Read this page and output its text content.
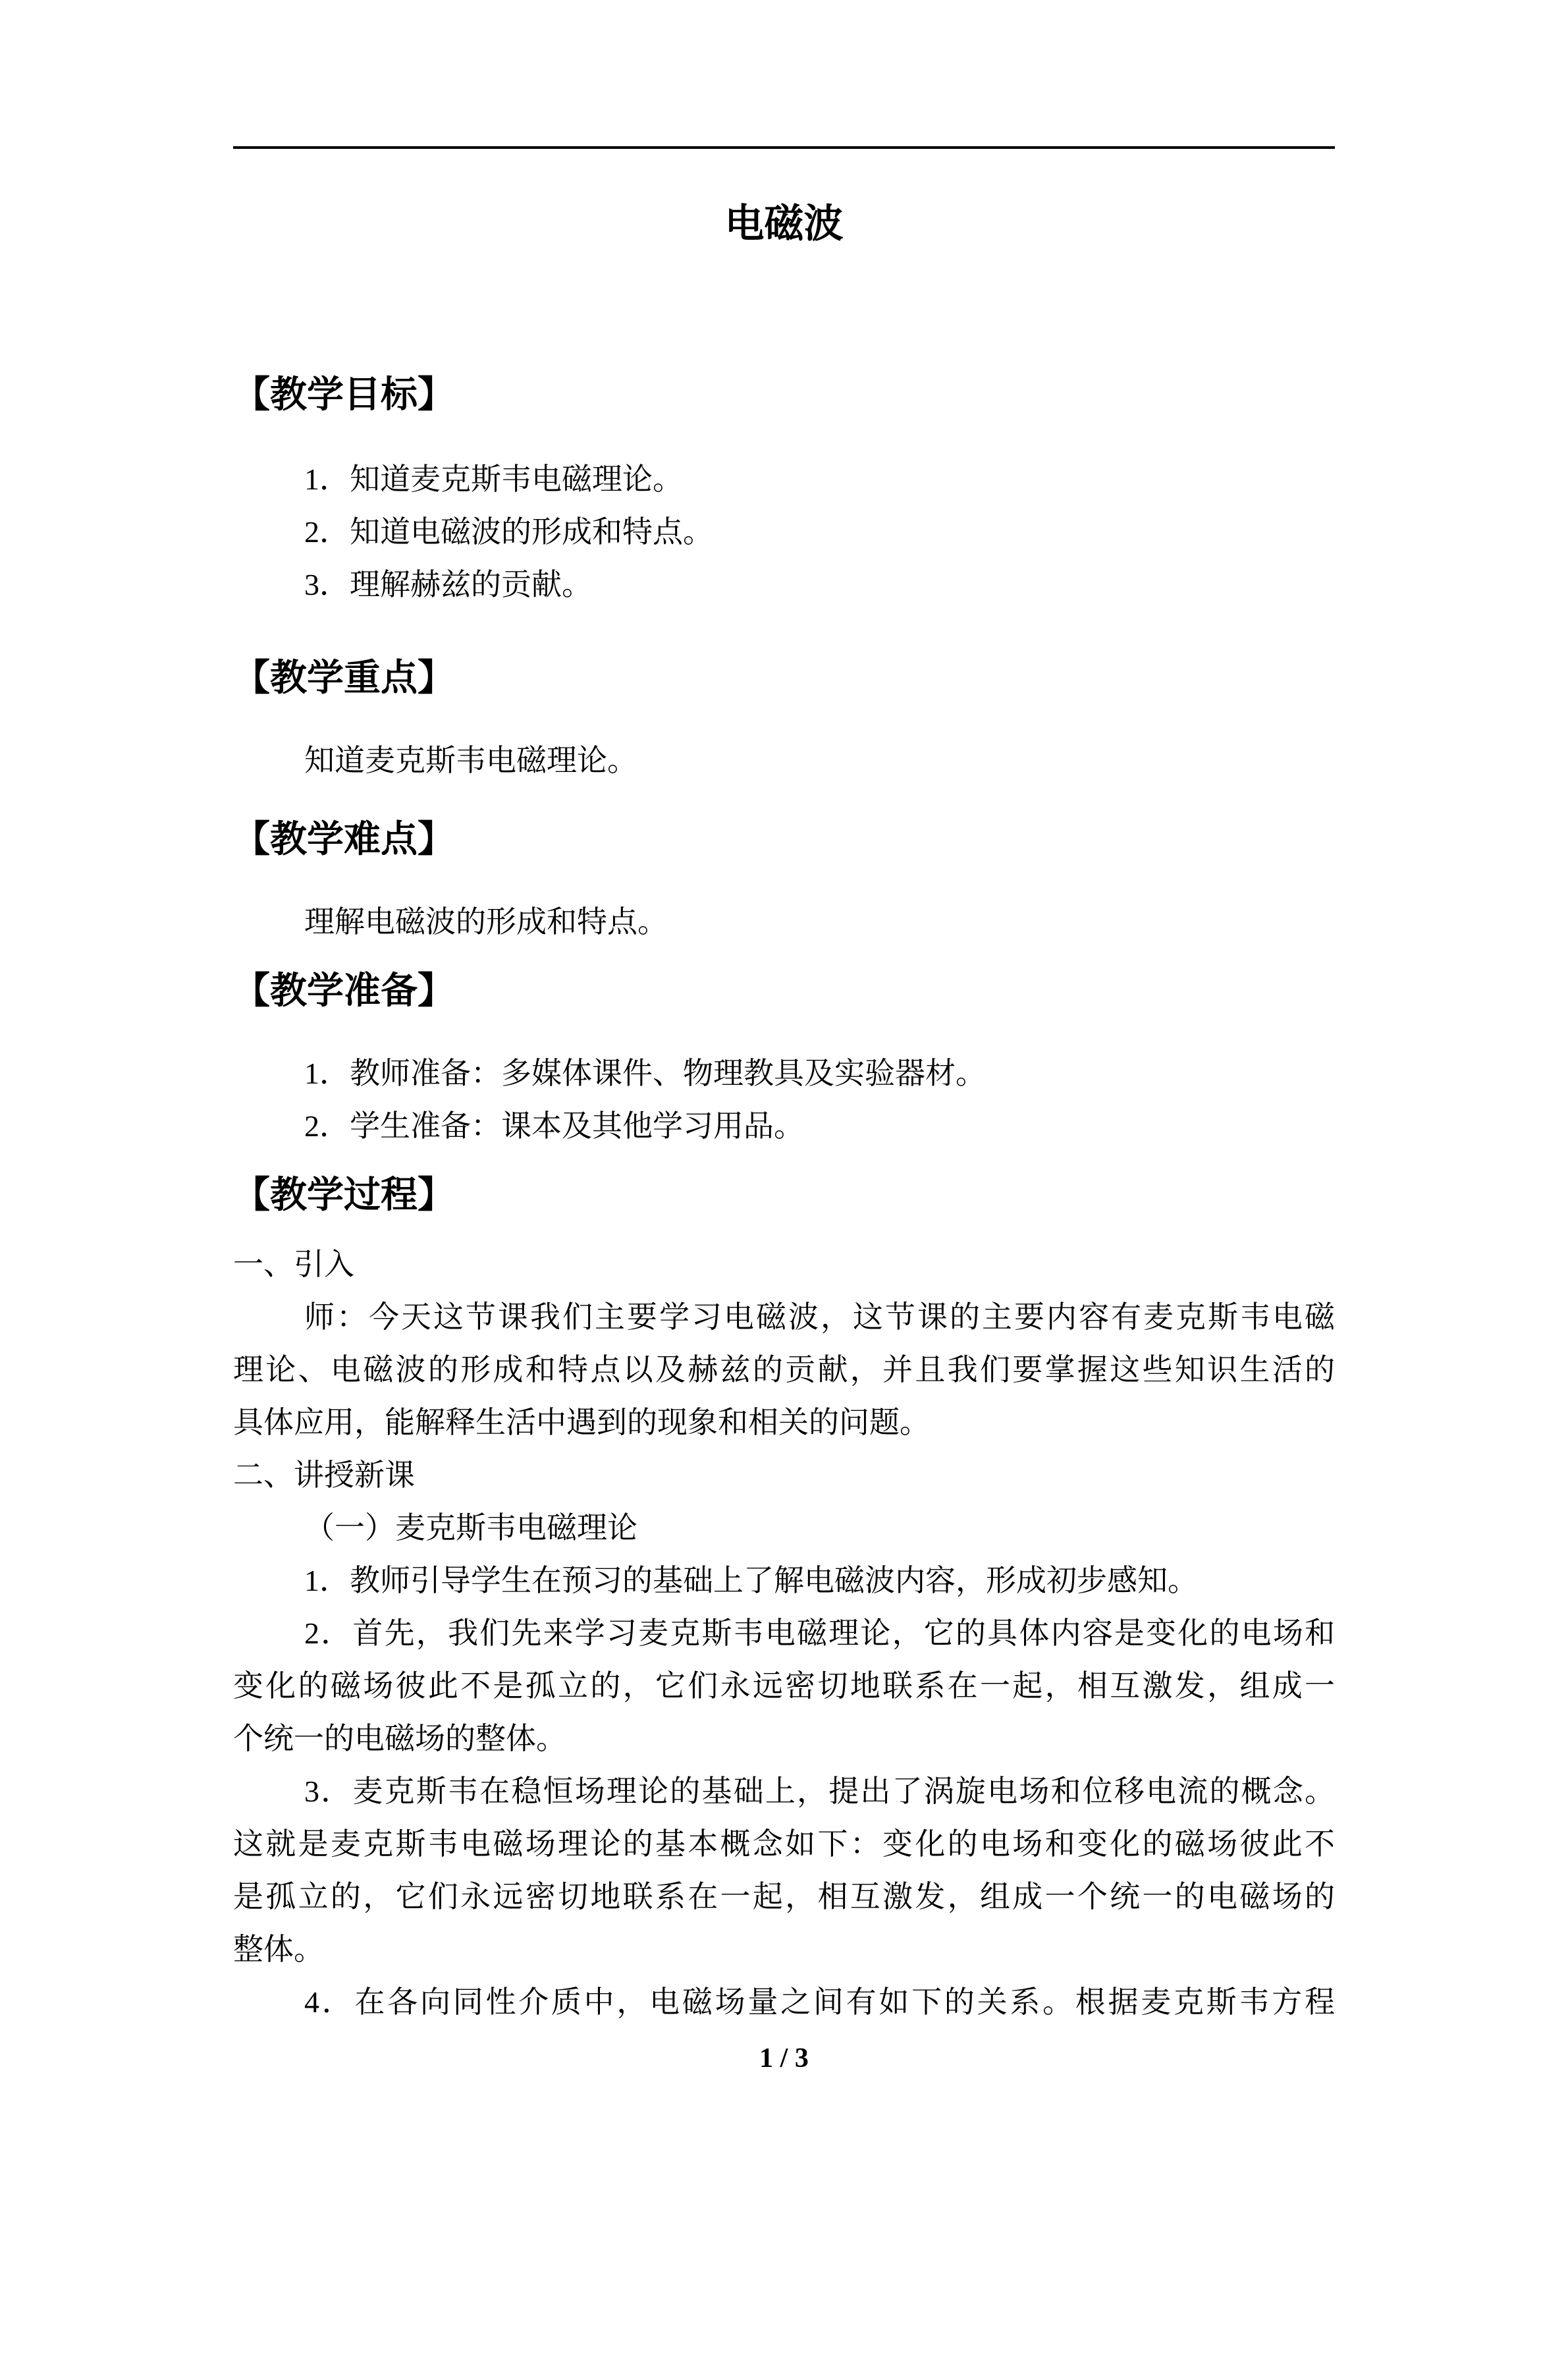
电磁波
【教学目标】
1．知道麦克斯韦电磁理论。
2．知道电磁波的形成和特点。
3．理解赫兹的贡献。
【教学重点】
知道麦克斯韦电磁理论。
【教学难点】
理解电磁波的形成和特点。
【教学准备】
1．教师准备：多媒体课件、物理教具及实验器材。
2．学生准备：课本及其他学习用品。
【教学过程】
一、引入
师：今天这节课我们主要学习电磁波，这节课的主要内容有麦克斯韦电磁
理论、电磁波的形成和特点以及赫兹的贡献，并且我们要掌握这些知识生活的
具体应用，能解释生活中遇到的现象和相关的问题。
二、讲授新课
（一）麦克斯韦电磁理论
1．教师引导学生在预习的基础上了解电磁波内容，形成初步感知。
2．首先，我们先来学习麦克斯韦电磁理论，它的具体内容是变化的电场和
变化的磁场彼此不是孤立的，它们永远密切地联系在一起，相互激发，组成一
个统一的电磁场的整体。
3．麦克斯韦在稳恒场理论的基础上，提出了涡旋电场和位移电流的概念。
这就是麦克斯韦电磁场理论的基本概念如下：变化的电场和变化的磁场彼此不
是孤立的，它们永远密切地联系在一起，相互激发，组成一个统一的电磁场的
整体。
4．在各向同性介质中，电磁场量之间有如下的关系。根据麦克斯韦方程
1 / 3
